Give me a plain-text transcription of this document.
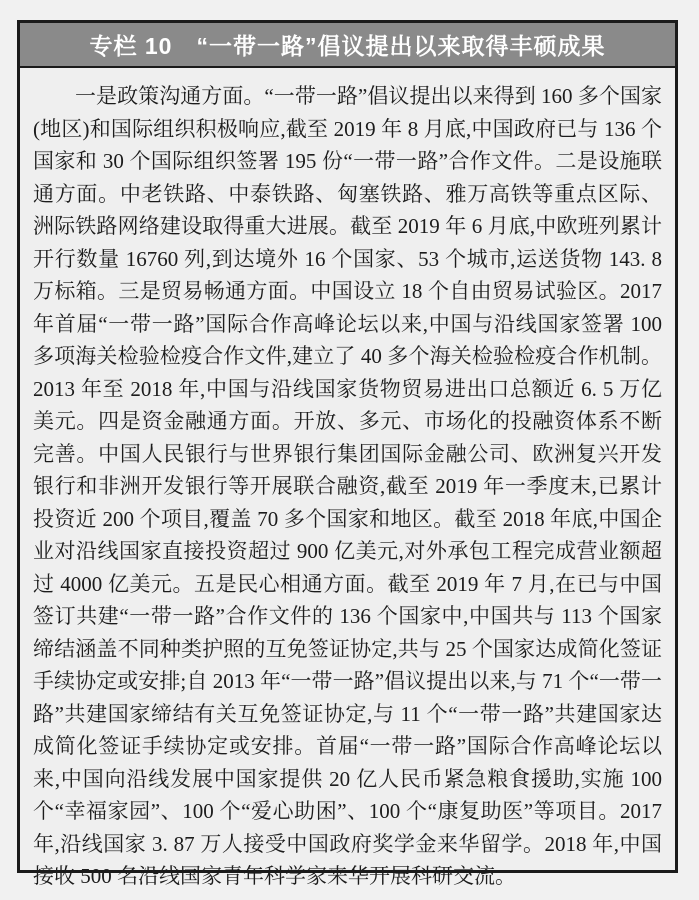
专栏 10　“一带一路”倡议提出以来取得丰硕成果

一是政策沟通方面。“一带一路”倡议提出以来得到 160 多个国家(地区)和国际组织积极响应,截至 2019 年 8 月底,中国政府已与 136 个国家和 30 个国际组织签署 195 份“一带一路”合作文件。二是设施联通方面。中老铁路、中泰铁路、匈塞铁路、雅万高铁等重点区际、洲际铁路网络建设取得重大进展。截至 2019 年 6 月底,中欧班列累计开行数量 16760 列,到达境外 16 个国家、53 个城市,运送货物 143. 8 万标箱。三是贸易畅通方面。中国设立 18 个自由贸易试验区。2017 年首届“一带一路”国际合作高峰论坛以来,中国与沿线国家签署 100 多项海关检验检疫合作文件,建立了 40 多个海关检验检疫合作机制。2013 年至 2018 年,中国与沿线国家货物贸易进出口总额近 6. 5 万亿美元。四是资金融通方面。开放、多元、市场化的投融资体系不断完善。中国人民银行与世界银行集团国际金融公司、欧洲复兴开发银行和非洲开发银行等开展联合融资,截至 2019 年一季度末,已累计投资近 200 个项目,覆盖 70 多个国家和地区。截至 2018 年底,中国企业对沿线国家直接投资超过 900 亿美元,对外承包工程完成营业额超过 4000 亿美元。五是民心相通方面。截至 2019 年 7 月,在已与中国签订共建“一带一路”合作文件的 136 个国家中,中国共与 113 个国家缔结涵盖不同种类护照的互免签证协定,共与 25 个国家达成简化签证手续协定或安排;自 2013 年“一带一路”倡议提出以来,与 71 个“一带一路”共建国家缔结有关互免签证协定,与 11 个“一带一路”共建国家达成简化签证手续协定或安排。首届“一带一路”国际合作高峰论坛以来,中国向沿线发展中国家提供 20 亿人民币紧急粮食援助,实施 100 个“幸福家园”、100 个“爱心助困”、100 个“康复助医”等项目。2017 年,沿线国家 3. 87 万人接受中国政府奖学金来华留学。2018 年,中国接收 500 名沿线国家青年科学家来华开展科研交流。
